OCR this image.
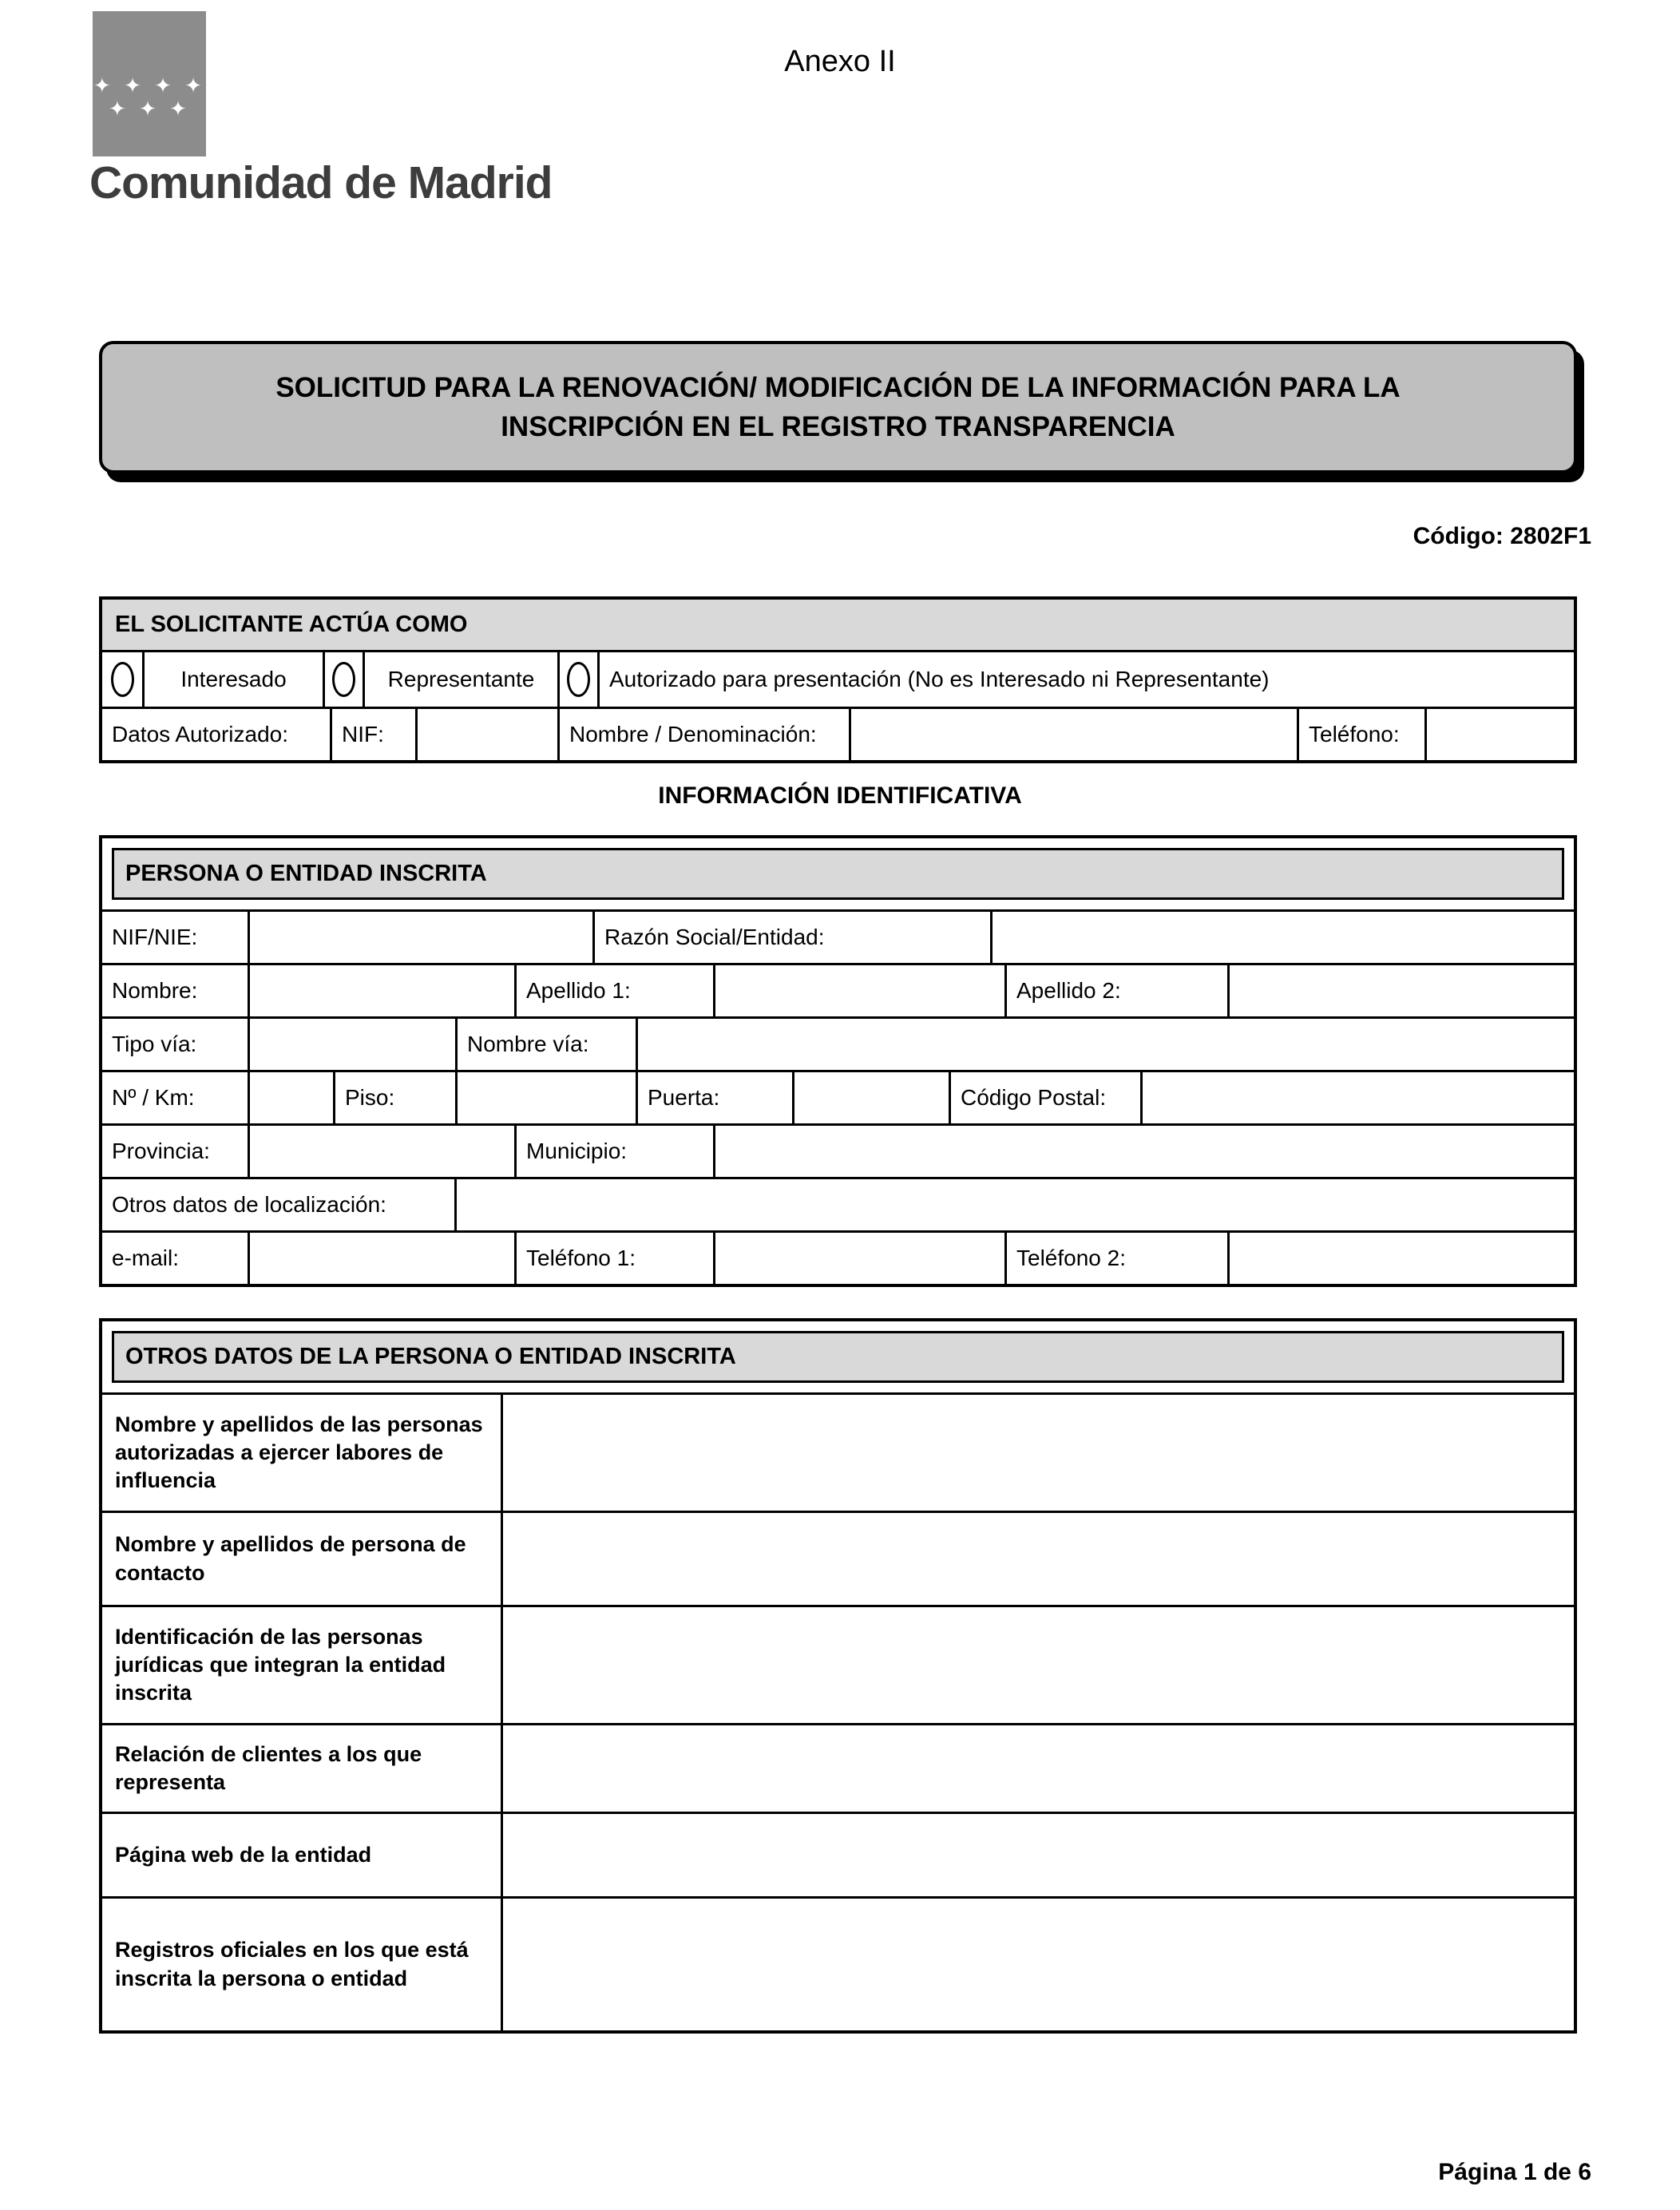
Anexo II
✦ ✦ ✦ ✦
✦ ✦ ✦
Comunidad de Madrid
SOLICITUD PARA LA RENOVACIÓN/ MODIFICACIÓN DE LA INFORMACIÓN PARA LA
INSCRIPCIÓN EN EL REGISTRO TRANSPARENCIA
Código: 2802F1
EL SOLICITANTE ACTÚA COMO
Interesado	Representante	Autorizado para presentación (No es Interesado ni Representante)
Datos Autorizado:	NIF:	Nombre / Denominación:	Teléfono:
INFORMACIÓN IDENTIFICATIVA
PERSONA O ENTIDAD INSCRITA
NIF/NIE:	Razón Social/Entidad:
Nombre:	Apellido 1:	Apellido 2:
Tipo vía:	Nombre vía:
Nº / Km:	Piso:	Puerta:	Código Postal:
Provincia:	Municipio:
Otros datos de localización:
e-mail:	Teléfono 1:	Teléfono 2:
OTROS DATOS DE LA PERSONA O ENTIDAD INSCRITA
Nombre y apellidos de las personas autorizadas a ejercer labores de influencia
Nombre y apellidos de persona de contacto
Identificación de las personas jurídicas que integran la entidad inscrita
Relación de clientes a los que representa
Página web de la entidad
Registros oficiales en los que está inscrita la persona o entidad
Página 1 de 6
